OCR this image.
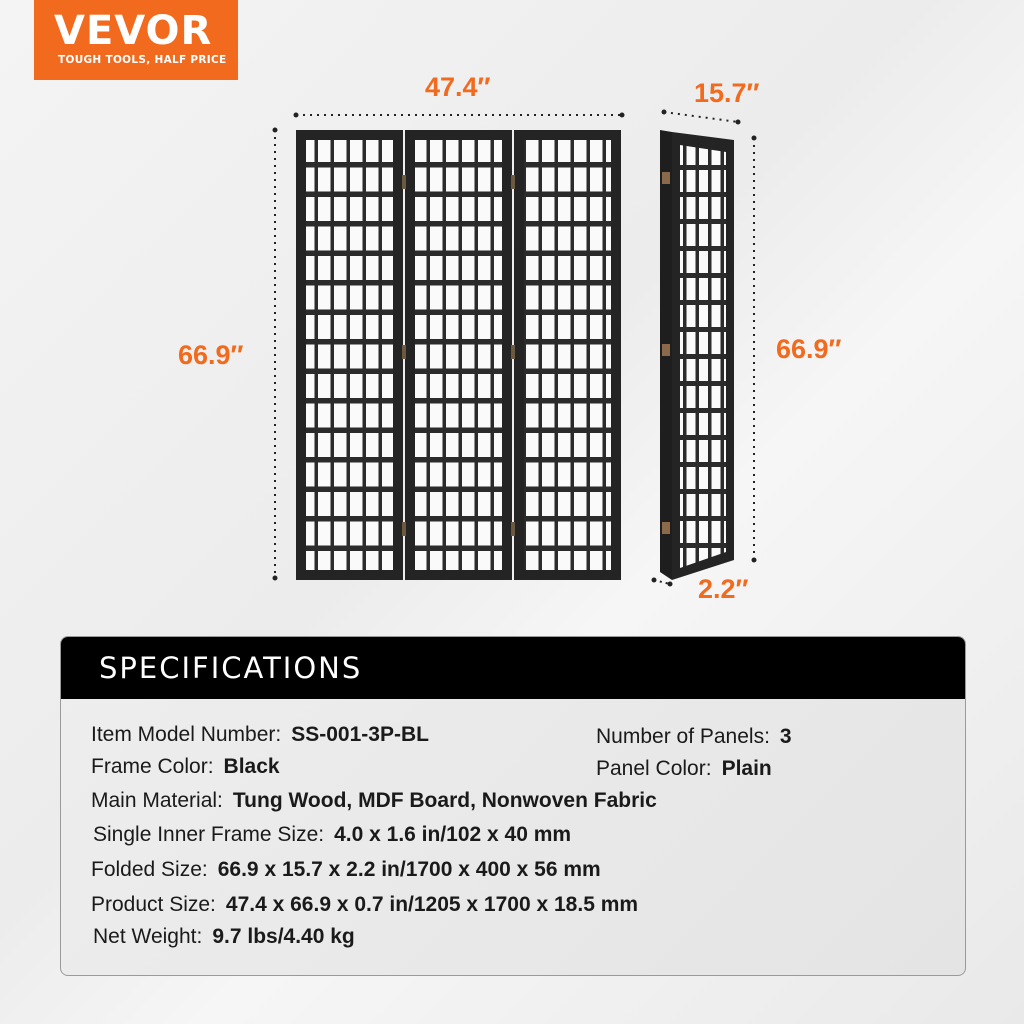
VEVOR
TOUGH TOOLS, HALF PRICE
47.4″
66.9″
15.7″
66.9″
2.2″
SPECIFICATIONS
Item Model Number: SS-001-3P-BL	Number of Panels: 3
Frame Color: Black	Panel Color: Plain
Main Material: Tung Wood, MDF Board, Nonwoven Fabric
Single Inner Frame Size: 4.0 x 1.6 in/102 x 40 mm
Folded Size: 66.9 x 15.7 x 2.2 in/1700 x 400 x 56 mm
Product Size: 47.4 x 66.9 x 0.7 in/1205 x 1700 x 18.5 mm
Net Weight: 9.7 lbs/4.40 kg
